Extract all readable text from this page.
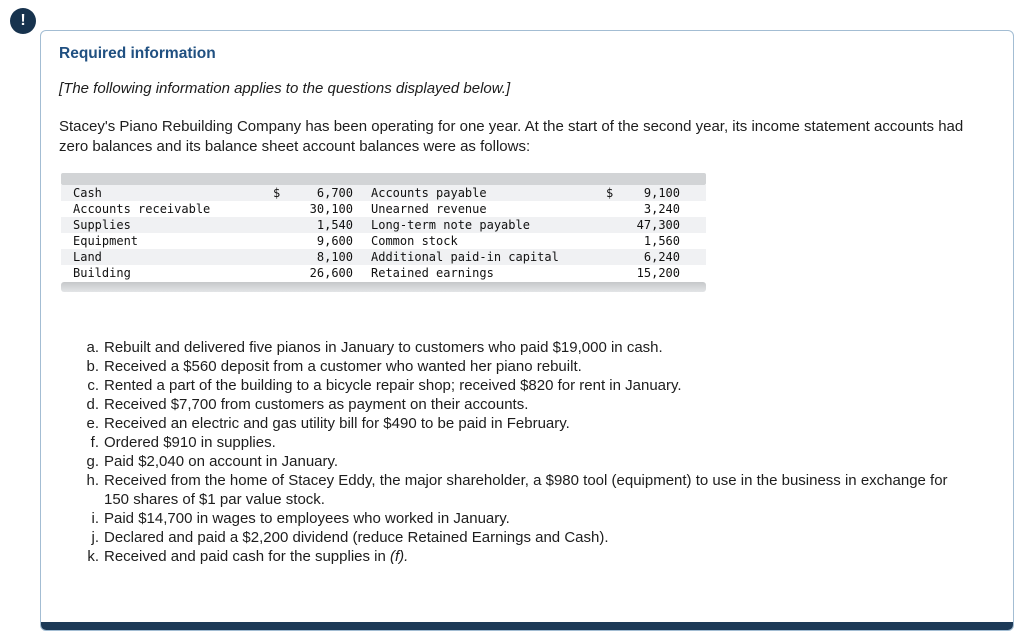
!
Required information
[The following information applies to the questions displayed below.]
Stacey's Piano Rebuilding Company has been operating for one year. At the start of the second year, its income statement accounts had zero balances and its balance sheet account balances were as follows:
Cash	$	6,700 Accounts payable	$	9,100
Accounts receivable	30,100 Unearned revenue	3,240
Supplies	1,540 Long-term note payable	47,300
Equipment	9,600 Common stock	1,560
Land	8,100 Additional paid-in capital	6,240
Building	26,600 Retained earnings	15,200
a. Rebuilt and delivered five pianos in January to customers who paid $19,000 in cash.
b. Received a $560 deposit from a customer who wanted her piano rebuilt.
c. Rented a part of the building to a bicycle repair shop; received $820 for rent in January.
d. Received $7,700 from customers as payment on their accounts.
e. Received an electric and gas utility bill for $490 to be paid in February.
f. Ordered $910 in supplies.
g. Paid $2,040 on account in January.
h. Received from the home of Stacey Eddy, the major shareholder, a $980 tool (equipment) to use in the business in exchange for 150 shares of $1 par value stock.
i. Paid $14,700 in wages to employees who worked in January.
j. Declared and paid a $2,200 dividend (reduce Retained Earnings and Cash).
k. Received and paid cash for the supplies in (f).
